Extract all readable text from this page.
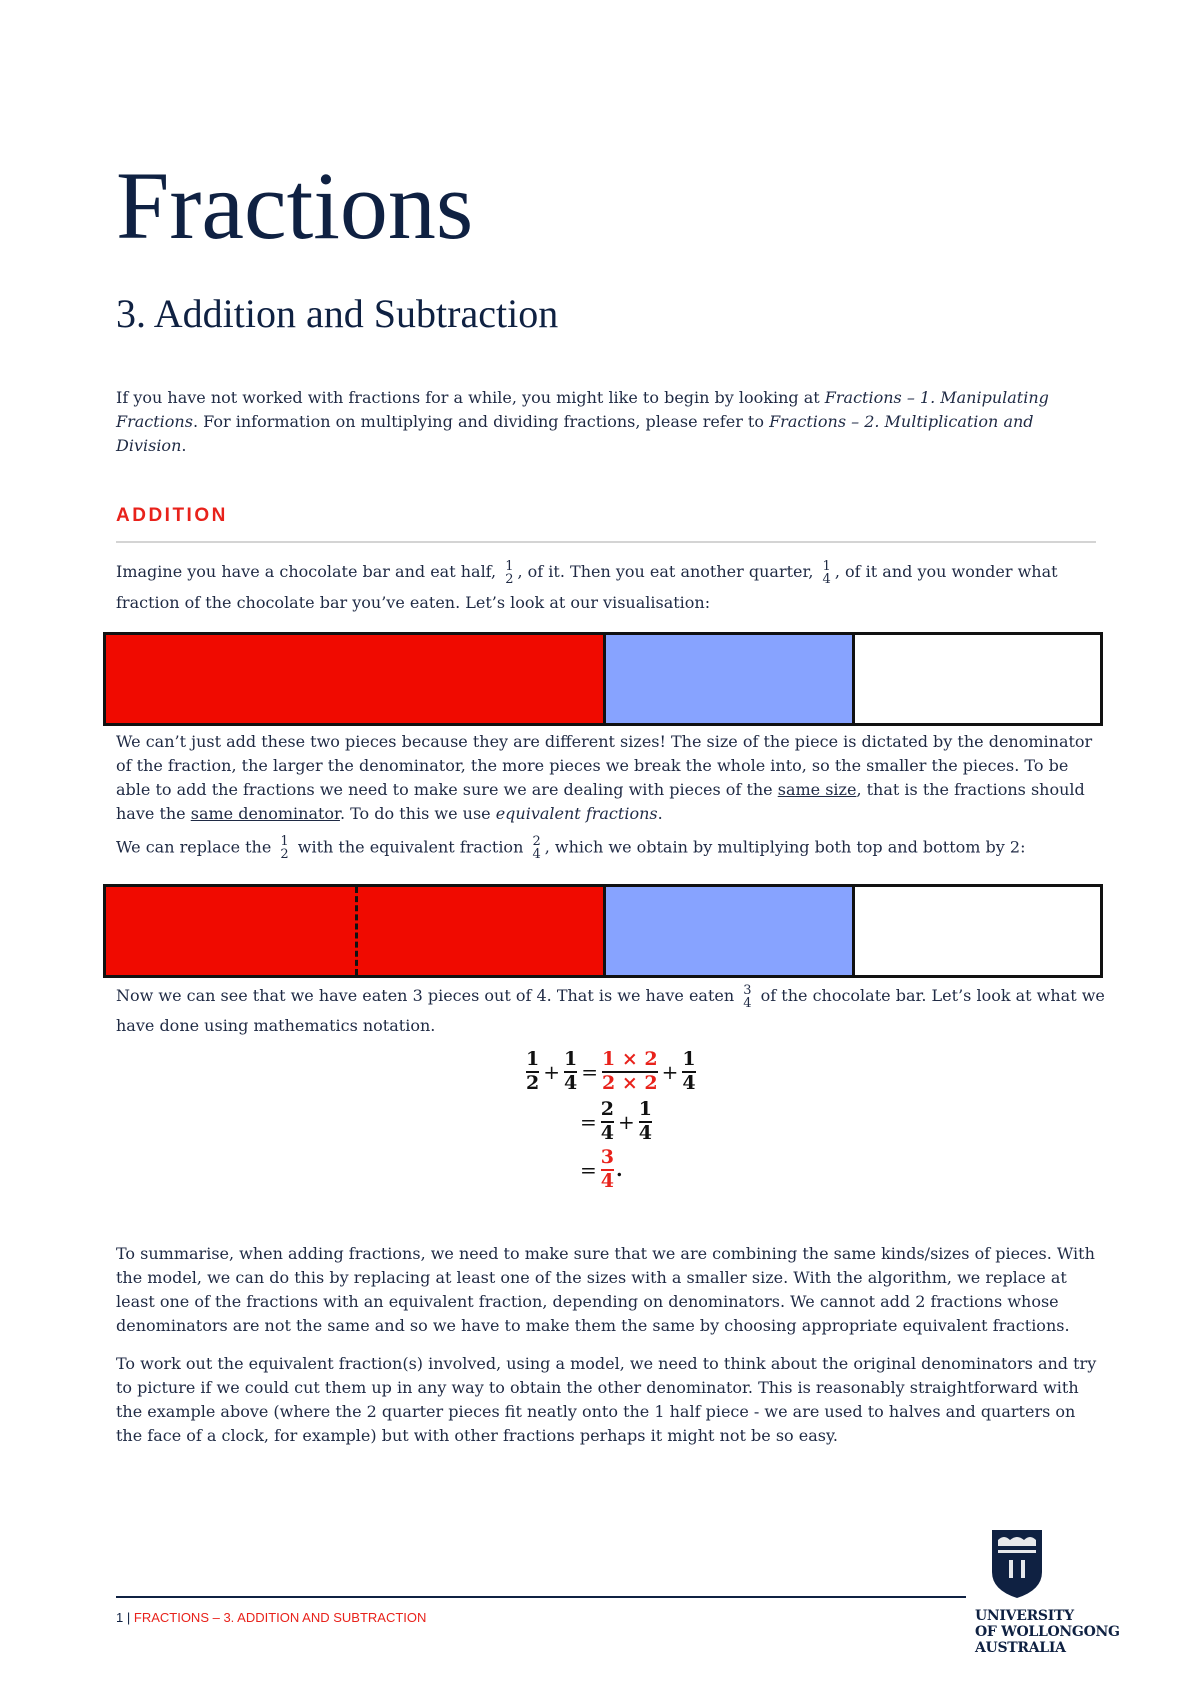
Fractions
3. Addition and Subtraction

If you have not worked with fractions for a while, you might like to begin by looking at Fractions – 1. Manipulating Fractions. For information on multiplying and dividing fractions, please refer to Fractions – 2. Multiplication and Division.

ADDITION

Imagine you have a chocolate bar and eat half, 1
2 , of it. Then you eat another quarter, 1
4 , of it and you wonder what fraction of the chocolate bar you’ve eaten. Let’s look at our visualisation:

We can’t just add these two pieces because they are different sizes! The size of the piece is dictated by the denominator of the fraction, the larger the denominator, the more pieces we break the whole into, so the smaller the pieces. To be able to add the fractions we need to make sure we are dealing with pieces of the same size, that is the fractions should have the same denominator. To do this we use equivalent fractions.

We can replace the 1
2 with the equivalent fraction 2
4 , which we obtain by multiplying both top and bottom by 2:

Now we can see that we have eaten 3 pieces out of 4. That is we have eaten 3
4 of the chocolate bar. Let’s look at what we have done using mathematics notation.

1
2 +
1
4 =
1 × 2
2 × 2 +
1
4
=
2
4 +
1
4
=
3
4 .

To summarise, when adding fractions, we need to make sure that we are combining the same kinds/sizes of pieces. With the model, we can do this by replacing at least one of the sizes with a smaller size. With the algorithm, we replace at least one of the fractions with an equivalent fraction, depending on denominators. We cannot add 2 fractions whose denominators are not the same and so we have to make them the same by choosing appropriate equivalent fractions.

To work out the equivalent fraction(s) involved, using a model, we need to think about the original denominators and try to picture if we could cut them up in any way to obtain the other denominator. This is reasonably straightforward with the example above (where the 2 quarter pieces fit neatly onto the 1 half piece - we are used to halves and quarters on the face of a clock, for example) but with other fractions perhaps it might not be so easy.

1 | FRACTIONS – 3. ADDITION AND SUBTRACTION	UNIVERSITY
OF WOLLONGONG
AUSTRALIA
